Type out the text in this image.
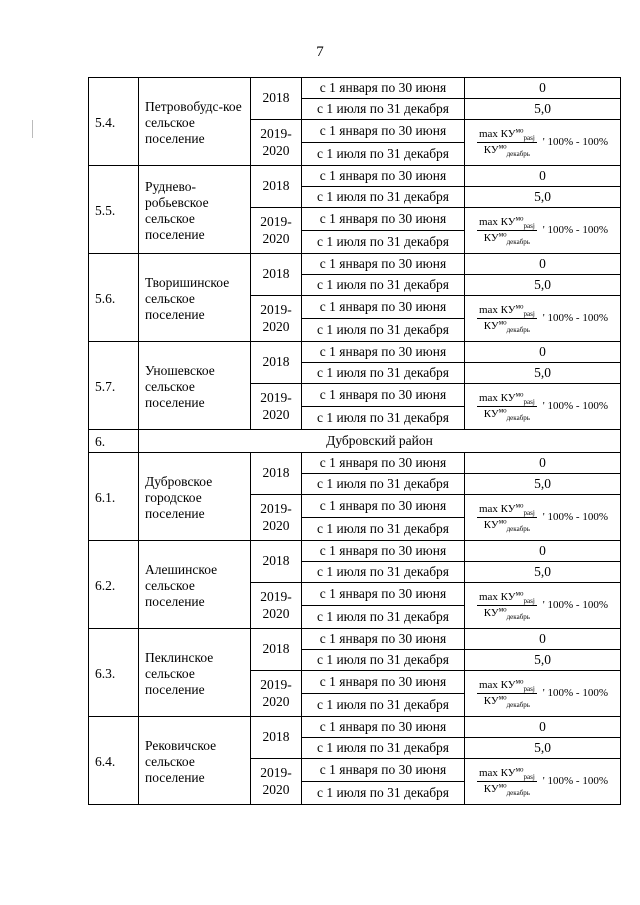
7
5.4.	Петровобудс-кое сельское поселение	2018	с 1 января по 30 июня	0
			с 1 июля по 31 декабря	5,0
		2019-2020	с 1 января по 30 июня	$\frac{\max КУ^{мо}_{pasj}}{КУ^{мо}_{декабрь}}$ ' 100% - 100%

			с 1 июля по 31 декабря	
5.5.	Руднево-робьевское сельское поселение	2018	с 1 января по 30 июня	0
			с 1 июля по 31 декабря	5,0
		2019-2020	с 1 января по 30 июня	$\frac{\max КУ^{мо}_{pasj}}{КУ^{мо}_{декабрь}}$ ' 100% - 100%

			с 1 июля по 31 декабря	
5.6.	Творишинское сельское поселение	2018	с 1 января по 30 июня	0
			с 1 июля по 31 декабря	5,0
		2019-2020	с 1 января по 30 июня	$\frac{\max КУ^{мо}_{pasj}}{КУ^{мо}_{декабрь}}$ ' 100% - 100%

			с 1 июля по 31 декабря	
5.7.	Уношевское сельское поселение	2018	с 1 января по 30 июня	0
			с 1 июля по 31 декабря	5,0
		2019-2020	с 1 января по 30 июня	$\frac{\max КУ^{мо}_{pasj}}{КУ^{мо}_{декабрь}}$ ' 100% - 100%

			с 1 июля по 31 декабря	
6.	Дубровский район			
6.1.	Дубровское городское поселение	2018	с 1 января по 30 июня	0
			с 1 июля по 31 декабря	5,0
		2019-2020	с 1 января по 30 июня	$\frac{\max КУ^{мо}_{pasj}}{КУ^{мо}_{декабрь}}$ ' 100% - 100%

			с 1 июля по 31 декабря	
6.2.	Алешинское сельское поселение	2018	с 1 января по 30 июня	0
			с 1 июля по 31 декабря	5,0
		2019-2020	с 1 января по 30 июня	$\frac{\max КУ^{мо}_{pasj}}{КУ^{мо}_{декабрь}}$ ' 100% - 100%

			с 1 июля по 31 декабря	
6.3.	Пеклинское сельское поселение	2018	с 1 января по 30 июня	0
			с 1 июля по 31 декабря	5,0
		2019-2020	с 1 января по 30 июня	$\frac{\max КУ^{мо}_{pasj}}{КУ^{мо}_{декабрь}}$ ' 100% - 100%

			с 1 июля по 31 декабря	
6.4.	Рековичское сельское поселение	2018	с 1 января по 30 июня	0
			с 1 июля по 31 декабря	5,0
		2019-2020	с 1 января по 30 июня	$\frac{\max КУ^{мо}_{pasj}}{КУ^{мо}_{декабрь}}$ ' 100% - 100%

			с 1 июля по 31 декабря	
